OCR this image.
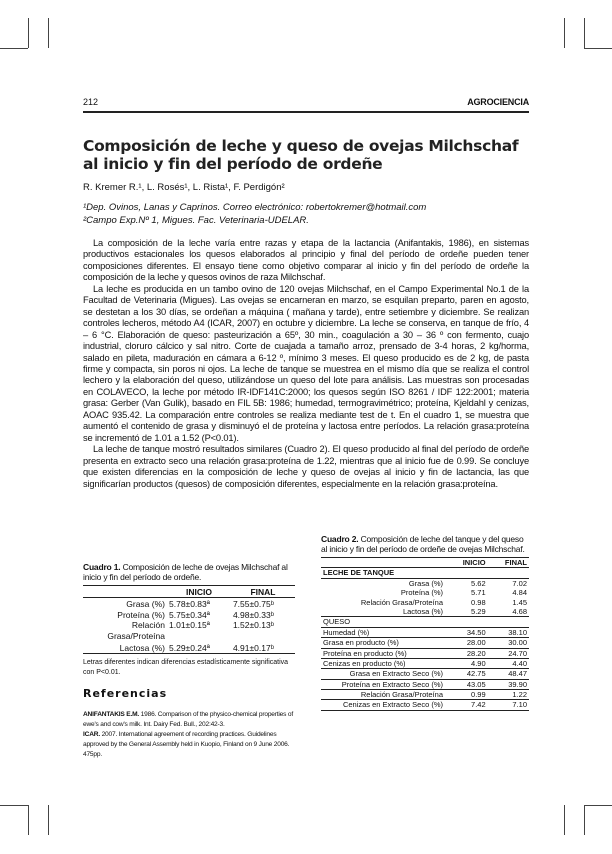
212	AGROCIENCIA
Composición de leche y queso de ovejas Milchschaf al inicio y fin del período de ordeñe
R. Kremer R.¹, L. Rosés¹, L. Rista¹, F. Perdigón²
¹Dep. Ovinos, Lanas y Caprinos. Correo electrónico: robertokremer@hotmail.com
²Campo Exp.Nº 1, Migues. Fac. Veterinaria-UDELAR.

La composición de la leche varía entre razas y etapa de la lactancia (Anifantakis, 1986), en sistemas productivos estacionales los quesos elaborados al principio y final del período de ordeñe pueden tener composiciones diferentes. El ensayo tiene como objetivo comparar al inicio y fin del período de ordeñe la composición de la leche y quesos ovinos de raza Milchschaf.

La leche es producida en un tambo ovino de 120 ovejas Milchschaf, en el Campo Experimental No.1 de la Facultad de Veterinaria (Migues). Las ovejas se encarneran en marzo, se esquilan preparto, paren en agosto, se destetan a los 30 días, se ordeñan a máquina ( mañana y tarde), entre setiembre y diciembre. Se realizan controles lecheros, método A4 (ICAR, 2007) en octubre y diciembre. La leche se conserva, en tanque de frío, 4 – 6 °C. Elaboración de queso: pasteurización a 65º, 30 min., coagulación a 30 – 36 º con fermento, cuajo industrial, cloruro cálcico y sal nitro. Corte de cuajada a tamaño arroz, prensado de 3-4 horas, 2 kg/horma, salado en pileta, maduración en cámara a 6-12 º, mínimo 3 meses. El queso producido es de 2 kg, de pasta firme y compacta, sin poros ni ojos. La leche de tanque se muestrea en el mismo día que se realiza el control lechero y la elaboración del queso, utilizándose un queso del lote para análisis. Las muestras son procesadas en COLAVECO, la leche por método IR-IDF141C:2000; los quesos según ISO 8261 / IDF 122:2001; materia grasa: Gerber (Van Gulik), basado en FIL 5B: 1986; humedad, termogravimétrico; proteína, Kjeldahl y cenizas, AOAC 935.42. La comparación entre controles se realiza mediante test de t. En el cuadro 1, se muestra que aumentó el contenido de grasa y disminuyó el de proteína y lactosa entre períodos. La relación grasa:proteína se incrementó de 1.01 a 1.52 (P<0.01).

La leche de tanque mostró resultados similares (Cuadro 2). El queso producido al final del período de ordeñe presenta en extracto seco una relación grasa:proteína de 1.22, mientras que al inicio fue de 0.99. Se concluye que existen diferencias en la composición de leche y queso de ovejas al inicio y fin de lactancia, las que significarían productos (quesos) de composición diferentes, especialmente en la relación grasa:proteína.

Cuadro 1. Composición de leche de ovejas Milchschaf al inicio y fin del período de ordeñe.
	INICIO	FINAL
Grasa (%)	5.78±0.83ª	7.55±0.75ᵇ
Proteína (%)	5.75±0.34ª	4.98±0.33ᵇ
Relación Grasa/Proteína	1.01±0.15ª	1.52±0.13ᵇ
Lactosa (%)	5.29±0.24ª	4.91±0.17ᵇ
Letras diferentes indican diferencias estadísticamente significativa con P<0.01.
Cuadro 2. Composición de leche del tanque y del queso al inicio y fin del período de ordeñe de ovejas Milchschaf.
	INICIO	FINAL
LECHE DE TANQUE		
Grasa (%)	5.62	7.02
Proteína (%)	5.71	4.84
Relación Grasa/Proteína	0.98	1.45
Lactosa (%)	5.29	4.68
QUESO		
Humedad (%)	34.50	38.10
Grasa en producto (%)	28.00	30.00
Proteína en producto (%)	28.20	24.70
Cenizas en producto (%)	4.90	4.40
Grasa en Extracto Seco (%)	42.75	48.47
Proteína en Extracto Seco (%)	43.05	39.90
Relación Grasa/Proteína	0.99	1.22
Cenizas en Extracto Seco (%)	7.42	7.10
Referencias

ANIFANTAKIS E.M. 1986. Comparison of the physico-chemical properties of ewe's and cow's milk. Int. Dairy Fed. Bull., 202:42-3.

ICAR. 2007. International agreement of recording practices. Guidelines approved by the General Assembly held in Kuopio, Finland on 9 June 2006. 475pp.
